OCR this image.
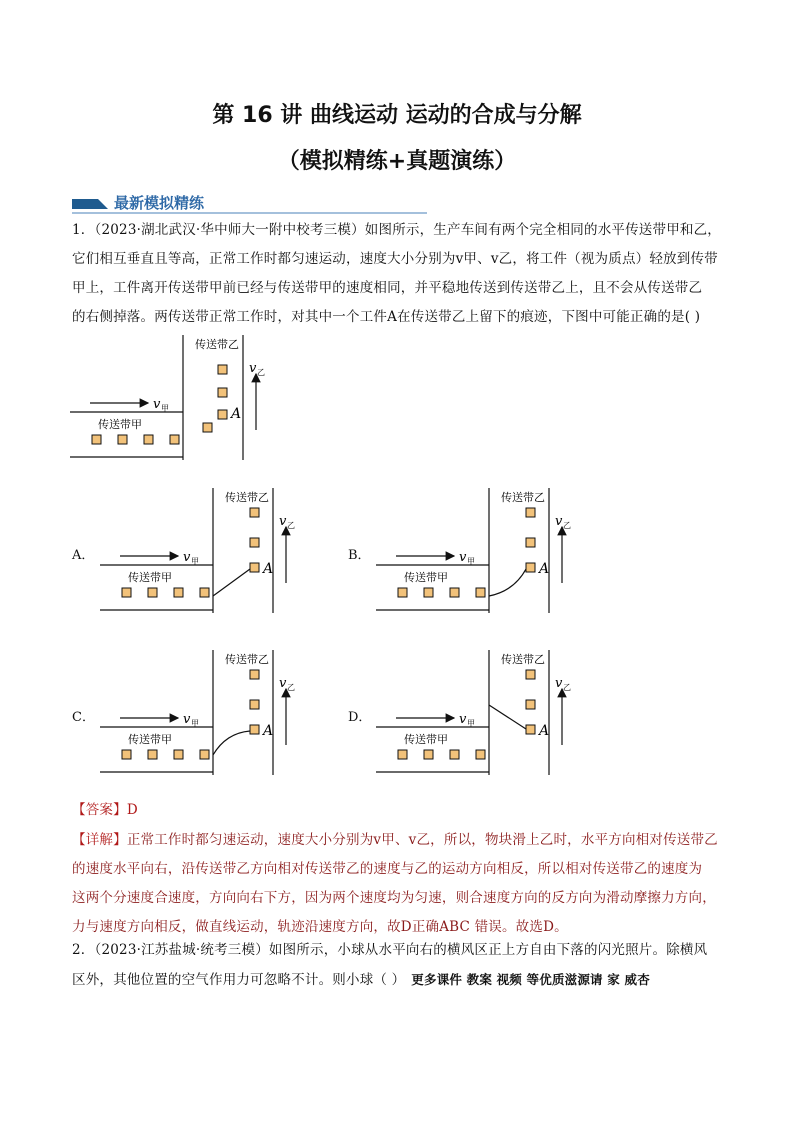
第 16 讲 曲线运动 运动的合成与分解
（模拟精练+真题演练）
最新模拟精练
1．（2023·湖北武汉·华中师大一附中校考三模）如图所示，生产车间有两个完全相同的水平传送带甲和乙，
它们相互垂直且等高，正常工作时都匀速运动，速度大小分别为v甲、v乙，将工件（视为质点）轻放到传带
甲上，工件离开传送带甲前已经与传送带甲的速度相同，并平稳地传送到传送带乙上，且不会从传送带乙
的右侧掉落。两传送带正常工作时，对其中一个工件A在传送带乙上留下的痕迹，下图中可能正确的是( )
v 甲
v 乙
传送带乙
传送带甲
A
A．	v 甲
v 乙
传送带乙
传送带甲
A
B．	v 甲
v 乙
传送带乙
传送带甲
A
C．	v 甲
v 乙
传送带乙
传送带甲
A
D．	v 甲
v 乙
传送带乙
传送带甲
A
【答案】D
【详解】正常工作时都匀速运动，速度大小分别为v甲、v乙，所以，物块滑上乙时，水平方向相对传送带乙
的速度水平向右，沿传送带乙方向相对传送带乙的速度与乙的运动方向相反，所以相对传送带乙的速度为
这两个分速度合速度，方向向右下方，因为两个速度均为匀速，则合速度方向的反方向为滑动摩擦力方向，
力与速度方向相反，做直线运动，轨迹沿速度方向，故D正确ABC 错误。故选D。
2．（2023·江苏盐城·统考三模）如图所示，小球从水平向右的横风区正上方自由下落的闪光照片。除横风
区外，其他位置的空气作用力可忽略不计。则小球（ ） 更多课件 教案 视频 等优质滋源请 家 威杏
